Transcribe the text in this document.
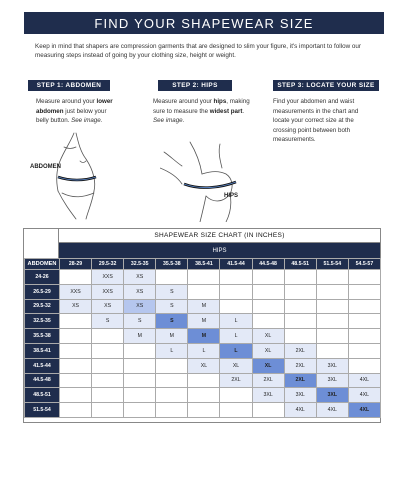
FIND YOUR SHAPEWEAR SIZE

Keep in mind that shapers are compression garments that are designed to slim your figure, it's important to follow our measuring steps instead of going by your clothing size, height or weight.

STEP 1: ABDOMEN
Measure around your lower abdomen just below your belly button. See image.
STEP 2: HIPS
Measure around your hips, making sure to measure the widest part. See image.
STEP 3: LOCATE YOUR SIZE
Find your abdomen and waist measurements in the chart and locate your correct size at the crossing point between both measurements.
ABDOMEN
HIPS
SHAPEWEAR SIZE CHART (IN INCHES)
HIPS
ABDOMEN	28-29	29.5-32	32.5-35	35.5-38	38.5-41	41.5-44	44.5-48	48.5-51	51.5-54	54.5-57
24-26		XXS	XS							
26.5-29	XXS	XXS	XS	S						
29.5-32	XS	XS	XS	S	M					
32.5-35		S	S	S	M	L				
35.5-38			M	M	M	L	XL			
38.5-41				L	L	L	XL	2XL		
41.5-44					XL	XL	XL	2XL	3XL	
44.5-48						2XL	2XL	2XL	3XL	4XL
48.5-51							3XL	3XL	3XL	4XL
51.5-54								4XL	4XL	4XL
